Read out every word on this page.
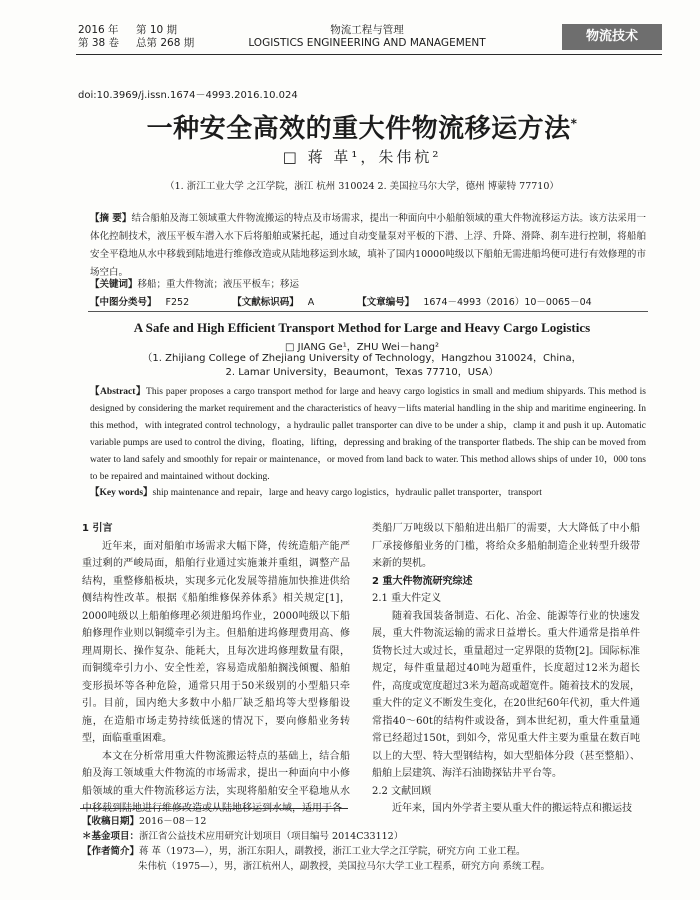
2016 年 第 10 期
第 38 卷 总第 268 期
物流工程与管理
LOGISTICS ENGINEERING AND MANAGEMENT	物流技术
doi:10.3969/j.issn.1674－4993.2016.10.024
一种安全高效的重大件物流移运方法*
□ 蒋 革¹，朱伟杭²
（1. 浙江工业大学 之江学院，浙江 杭州 310024 2. 美国拉马尔大学，德州 博蒙特 77710）
【摘 要】结合船舶及海工领域重大件物流搬运的特点及市场需求，提出一种面向中小船舶领域的重大件物流移运方法。该方法采用一体化控制技术，液压平板车潜入水下后将船舶或紧托起，通过自动变量泵对平板的下潜、上浮、升降、滑降、刹车进行控制，将船舶安全平稳地从水中移载到陆地进行维修改造或从陆地移运到水域，填补了国内10000吨级以下船舶无需进船坞便可进行有效修理的市场空白。
【关键词】移船；重大件物流；液压平板车；移运
【中图分类号】 F252	【文献标识码】 A	【文章编号】 1674－4993（2016）10－0065－04
A Safe and High Efficient Transport Method for Large and Heavy Cargo Logistics
□ JIANG Ge¹，ZHU Wei－hang²
（1. Zhijiang College of Zhejiang University of Technology，Hangzhou 310024，China，
2. Lamar University，Beaumont，Texas 77710，USA）
【Abstract】This paper proposes a cargo transport method for large and heavy cargo logistics in small and medium shipyards. This method is designed by considering the market requirement and the characteristics of heavy－lifts material handling in the ship and maritime engineering. In this method，with integrated control technology，a hydraulic pallet transporter can dive to be under a ship，clamp it and push it up. Automatic variable pumps are used to control the diving，floating，lifting，depressing and braking of the transporter flatbeds. The ship can be moved from water to land safely and smoothly for repair or maintenance，or moved from land back to water. This method allows ships of under 10，000 tons to be repaired and maintained without docking.
【Key words】ship maintenance and repair，large and heavy cargo logistics，hydraulic pallet transporter，transport

1 引言

近年来，面对船舶市场需求大幅下降，传统造船产能严重过剩的严峻局面，船舶行业通过实施兼并重组，调整产品结构，重整修船板块，实现多元化发展等措施加快推进供给侧结构性改革。根据《船舶维修保养体系》相关规定[1]，2000吨级以上船舶修理必须进船坞作业，2000吨级以下船舶修理作业则以铜缆牵引为主。但船舶进坞修理费用高、修理周期长、操作复杂、能耗大，且每次进坞修理数量有限，而铜缆牵引力小、安全性差，容易造成船舶搁浅倾覆、船舶变形损坏等各种危险，通常只用于50米级别的小型船只牵引。目前，国内绝大多数中小船厂缺乏船坞等大型修船设施，在造船市场走势持续低迷的情况下，要向修船业务转型，面临重重困难。

本文在分析常用重大件物流搬运特点的基础上，结合船舶及海工领域重大件物流的市场需求，提出一种面向中小修船领域的重大件物流移运方法，实现将船舶安全平稳地从水中移载到陆地进行维修改造或从陆地移运到水域，适用于各

类船厂万吨级以下船舶进出船厂的需要，大大降低了中小船厂承接修船业务的门槛，将给众多船舶制造企业转型升级带来新的契机。

2 重大件物流研究综述

2.1 重大件定义

随着我国装备制造、石化、冶金、能源等行业的快速发展，重大件物流运输的需求日益增长。重大件通常是指单件货物长过大或过长，重量超过一定界限的货物[2]。国际标准规定，每件重量超过40吨为超重件，长度超过12米为超长件，高度或宽度超过3米为超高或超宽件。随着技术的发展，重大件的定义不断发生变化，在20世纪60年代初，重大件通常指40～60t的结构件或设备，到本世纪初，重大件重量通常已经超过150t，到如今，常见重大件主要为重量在数百吨以上的大型、特大型钢结构，如大型船体分段（甚至整船）、船舶上层建筑、海洋石油勘探钻井平台等。

2.2 文献回顾

近年来，国内外学者主要从重大件的搬运特点和搬运技

【收稿日期】2016－08－12
＊基金项目：浙江省公益技术应用研究计划项目（项目编号 2014C33112）
【作者简介】蒋 革（1973—），男，浙江东阳人，副教授，浙江工业大学之江学院，研究方向 工业工程。
朱伟杭（1975—），男，浙江杭州人，副教授，美国拉马尔大学工业工程系，研究方向 系统工程。
